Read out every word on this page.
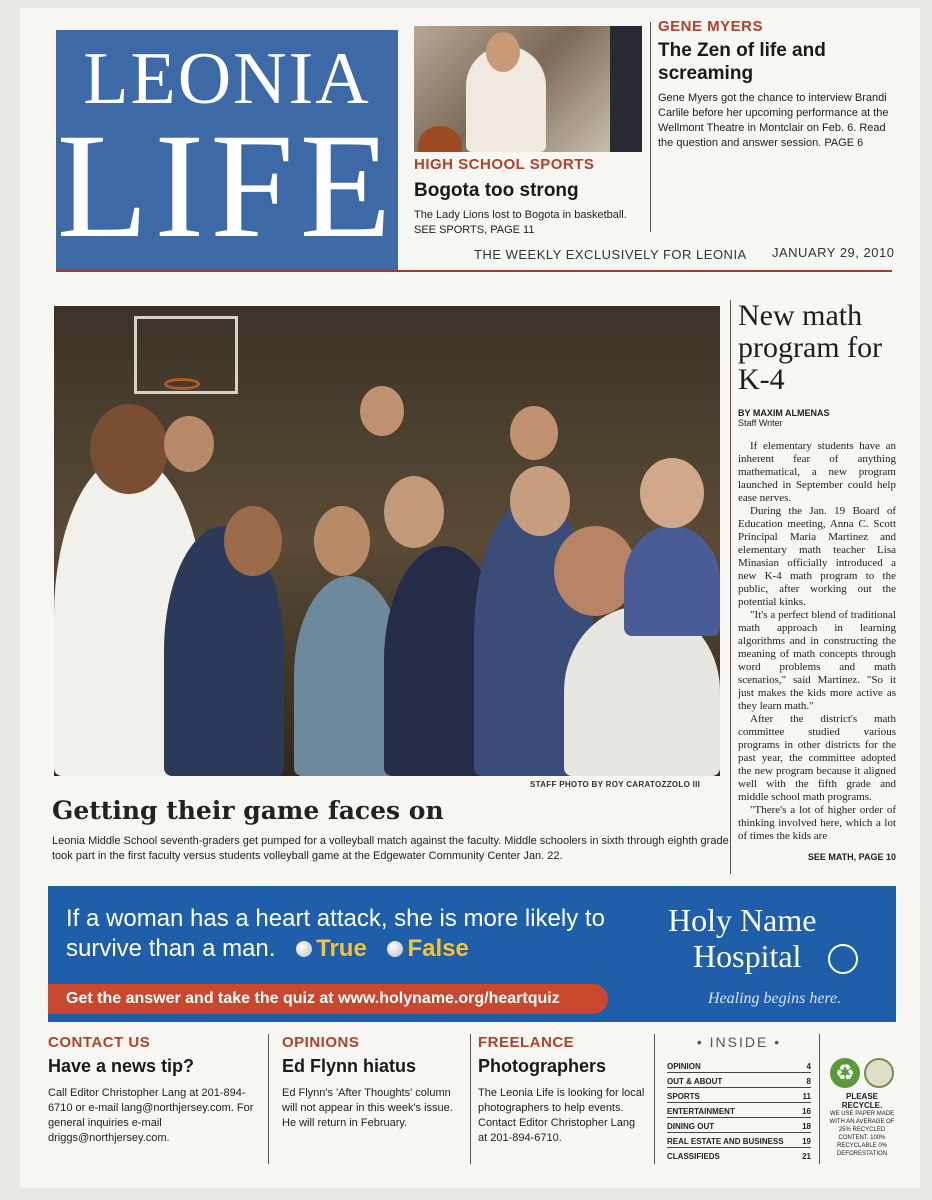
LEONIA
LIFE HIGH SCHOOL SPORTS
Bogota too strong
The Lady Lions lost to Bogota in basketball. SEE SPORTS, PAGE 11
GENE MYERS
The Zen of life and screaming
Gene Myers got the chance to interview Brandi Carlile before her upcoming performance at the Wellmont Theatre in Montclair on Feb. 6. Read the question and answer session. PAGE 6
THE WEEKLY EXCLUSIVELY FOR LEONIA JANUARY 29, 2010
STAFF PHOTO BY ROY CARATOZZOLO III
Getting their game faces on
Leonia Middle School seventh-graders get pumped for a volleyball match against the faculty. Middle schoolers in sixth through eighth grade took part in the first faculty versus students volleyball game at the Edgewater Community Center Jan. 22.
New math program for K-4
BY MAXIM ALMENAS
Staff Writer

If elementary students have an inherent fear of anything mathematical, a new program launched in September could help ease nerves.

During the Jan. 19 Board of Education meeting, Anna C. Scott Principal Maria Martinez and elementary math teacher Lisa Minasian officially introduced a new K-4 math program to the public, after working out the potential kinks.

"It's a perfect blend of traditional math approach in learning algorithms and in constructing the meaning of math concepts through word problems and math scenarios," said Martinez. "So it just makes the kids more active as they learn math."

After the district's math committee studied various programs in other districts for the past year, the committee adopted the new program because it aligned well with the fifth grade and middle school math programs.

"There's a lot of higher order of thinking involved here, which a lot of times the kids are

SEE MATH, PAGE 10
If a woman has a heart attack, she is more likely to survive than a man. True False
Get the answer and take the quiz at www.holyname.org/heartquiz
Holy Name
Hospital
Healing begins here.
CONTACT US
Have a news tip?
Call Editor Christopher Lang at 201-894-6710 or e-mail lang@northjersey.com. For general inquiries e-mail driggs@northjersey.com.
OPINIONS
Ed Flynn hiatus
Ed Flynn's 'After Thoughts' column will not appear in this week's issue. He will return in February.
FREELANCE
Photographers
The Leonia Life is looking for local photographers to help events. Contact Editor Christopher Lang at 201-894-6710.
• INSIDE •
OPINION	4
OUT & ABOUT	8
SPORTS	11
ENTERTAINMENT	16
DINING OUT	18
REAL ESTATE AND BUSINESS 19
CLASSIFIEDS	21
♻
PLEASE RECYCLE.
WE USE PAPER MADE WITH AN AVERAGE OF 25% RECYCLED CONTENT. 100% RECYCLABLE 0% DEFORESTATION
